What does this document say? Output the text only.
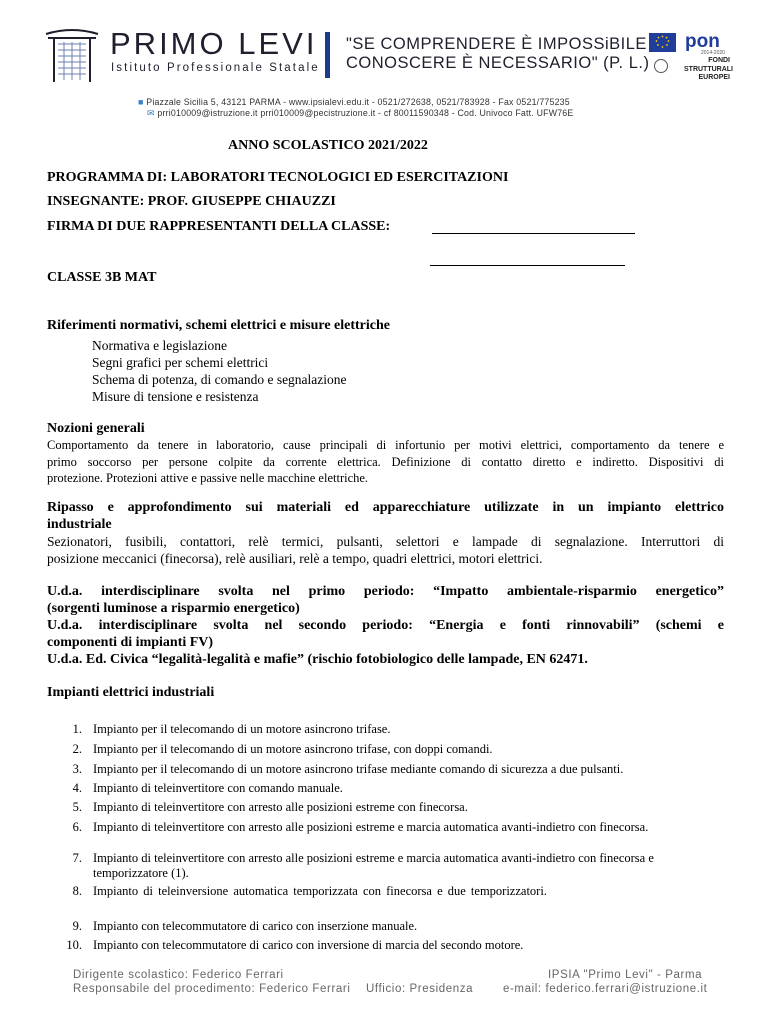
PRIMO LEVI
Istituto Professionale Statale
"SE COMPRENDERE È IMPOSSiBILE
CONOSCERE È NECESSARIO" (P. L.)
pon
2014-2020
FONDI
STRUTTURALI
EUROPEI
■ Piazzale Sicilia 5, 43121 PARMA - www.ipsialevi.edu.it - 0521/272638, 0521/783928 - Fax 0521/775235
✉ prri010009@istruzione.it prri010009@pecistruzione.it - cf 80011590348 - Cod. Univoco Fatt. UFW76E
ANNO SCOLASTICO 2021/2022
PROGRAMMA DI: LABORATORI TECNOLOGICI ED ESERCITAZIONI
INSEGNANTE: PROF. GIUSEPPE CHIAUZZI
FIRMA DI DUE RAPPRESENTANTI DELLA CLASSE:
CLASSE 3B MAT
Riferimenti normativi, schemi elettrici e misure elettriche
Normativa e legislazione
Segni grafici per schemi elettrici
Schema di potenza, di comando e segnalazione
Misure di tensione e resistenza
Nozioni generali
Comportamento da tenere in laboratorio, cause principali di infortunio per motivi elettrici, comportamento da tenere e
primo soccorso per persone colpite da corrente elettrica. Definizione di contatto diretto e indiretto. Dispositivi di
protezione. Protezioni attive e passive nelle macchine elettriche.
Ripasso e approfondimento sui materiali ed apparecchiature utilizzate in un impianto elettrico
industriale
Sezionatori, fusibili, contattori, relè termici, pulsanti, selettori e lampade di segnalazione. Interruttori di
posizione meccanici (finecorsa), relè ausiliari, relè a tempo, quadri elettrici, motori elettrici.
U.d.a. interdisciplinare svolta nel primo periodo: “Impatto ambientale-risparmio energetico”
(sorgenti luminose a risparmio energetico)
U.d.a. interdisciplinare svolta nel secondo periodo: “Energia e fonti rinnovabili” (schemi e
componenti di impianti FV)
U.d.a. Ed. Civica “legalità-legalità e mafie” (rischio fotobiologico delle lampade, EN 62471.
Impianti elettrici industriali
1. Impianto per il telecomando di un motore asincrono trifase.
2. Impianto per il telecomando di un motore asincrono trifase, con doppi comandi.
3. Impianto per il telecomando di un motore asincrono trifase mediante comando di sicurezza a due pulsanti.
4. Impianto di teleinvertitore con comando manuale.
5. Impianto di teleinvertitore con arresto alle posizioni estreme con finecorsa.
6. Impianto di teleinvertitore con arresto alle posizioni estreme e marcia automatica avanti-indietro con finecorsa.
7. Impianto di teleinvertitore con arresto alle posizioni estreme e marcia automatica avanti-indietro con finecorsa e temporizzatore (1).
8. Impianto di teleinversione automatica temporizzata con finecorsa e due temporizzatori.
9. Impianto con telecommutatore di carico con inserzione manuale.
10. Impianto con telecommutatore di carico con inversione di marcia del secondo motore.
Dirigente scolastico: Federico Ferrari
Responsabile del procedimento: Federico Ferrari Ufficio: Presidenza
IPSIA "Primo Levi" - Parma
e-mail: federico.ferrari@istruzione.it
